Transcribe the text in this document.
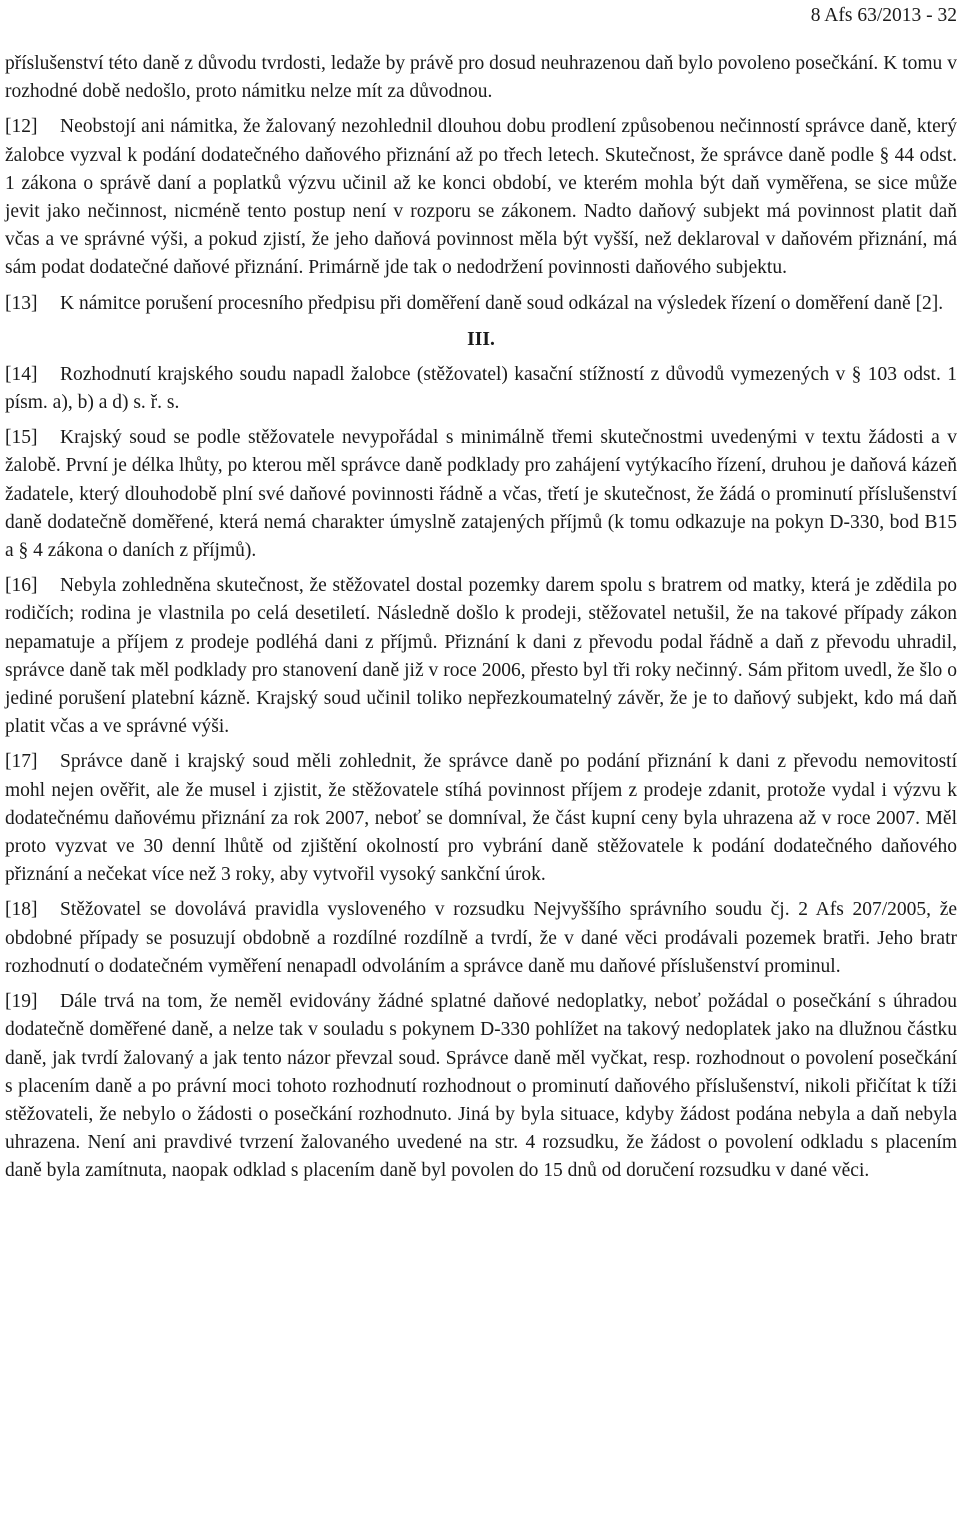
8 Afs 63/2013 - 32

příslušenství této daně z důvodu tvrdosti, ledaže by právě pro dosud neuhrazenou daň bylo povoleno posečkání. K tomu v rozhodné době nedošlo, proto námitku nelze mít za důvodnou.

[12] Neobstojí ani námitka, že žalovaný nezohlednil dlouhou dobu prodlení způsobenou nečinností správce daně, který žalobce vyzval k podání dodatečného daňového přiznání až po třech letech. Skutečnost, že správce daně podle § 44 odst. 1 zákona o správě daní a poplatků výzvu učinil až ke konci období, ve kterém mohla být daň vyměřena, se sice může jevit jako nečinnost, nicméně tento postup není v rozporu se zákonem. Nadto daňový subjekt má povinnost platit daň včas a ve správné výši, a pokud zjistí, že jeho daňová povinnost měla být vyšší, než deklaroval v daňovém přiznání, má sám podat dodatečné daňové přiznání. Primárně jde tak o nedodržení povinnosti daňového subjektu.

[13] K námitce porušení procesního předpisu při doměření daně soud odkázal na výsledek řízení o doměření daně [2].

III.

[14] Rozhodnutí krajského soudu napadl žalobce (stěžovatel) kasační stížností z důvodů vymezených v § 103 odst. 1 písm. a), b) a d) s. ř. s.

[15] Krajský soud se podle stěžovatele nevypořádal s minimálně třemi skutečnostmi uvedenými v textu žádosti a v žalobě. První je délka lhůty, po kterou měl správce daně podklady pro zahájení vytýkacího řízení, druhou je daňová kázeň žadatele, který dlouhodobě plní své daňové povinnosti řádně a včas, třetí je skutečnost, že žádá o prominutí příslušenství daně dodatečně doměřené, která nemá charakter úmyslně zatajených příjmů (k tomu odkazuje na pokyn D-330, bod B15 a § 4 zákona o daních z příjmů).

[16] Nebyla zohledněna skutečnost, že stěžovatel dostal pozemky darem spolu s bratrem od matky, která je zdědila po rodičích; rodina je vlastnila po celá desetiletí. Následně došlo k prodeji, stěžovatel netušil, že na takové případy zákon nepamatuje a příjem z prodeje podléhá dani z příjmů. Přiznání k dani z převodu podal řádně a daň z převodu uhradil, správce daně tak měl podklady pro stanovení daně již v roce 2006, přesto byl tři roky nečinný. Sám přitom uvedl, že šlo o jediné porušení platební kázně. Krajský soud učinil toliko nepřezkoumatelný závěr, že je to daňový subjekt, kdo má daň platit včas a ve správné výši.

[17] Správce daně i krajský soud měli zohlednit, že správce daně po podání přiznání k dani z převodu nemovitostí mohl nejen ověřit, ale že musel i zjistit, že stěžovatele stíhá povinnost příjem z prodeje zdanit, protože vydal i výzvu k dodatečnému daňovému přiznání za rok 2007, neboť se domníval, že část kupní ceny byla uhrazena až v roce 2007. Měl proto vyzvat ve 30 denní lhůtě od zjištění okolností pro vybrání daně stěžovatele k podání dodatečného daňového přiznání a nečekat více než 3 roky, aby vytvořil vysoký sankční úrok.

[18] Stěžovatel se dovolává pravidla vysloveného v rozsudku Nejvyššího správního soudu čj. 2 Afs 207/2005, že obdobné případy se posuzují obdobně a rozdílné rozdílně a tvrdí, že v dané věci prodávali pozemek bratři. Jeho bratr rozhodnutí o dodatečném vyměření nenapadl odvoláním a správce daně mu daňové příslušenství prominul.

[19] Dále trvá na tom, že neměl evidovány žádné splatné daňové nedoplatky, neboť požádal o posečkání s úhradou dodatečně doměřené daně, a nelze tak v souladu s pokynem D-330 pohlížet na takový nedoplatek jako na dlužnou částku daně, jak tvrdí žalovaný a jak tento názor převzal soud. Správce daně měl vyčkat, resp. rozhodnout o povolení posečkání s placením daně a po právní moci tohoto rozhodnutí rozhodnout o prominutí daňového příslušenství, nikoli přičítat k tíži stěžovateli, že nebylo o žádosti o posečkání rozhodnuto. Jiná by byla situace, kdyby žádost podána nebyla a daň nebyla uhrazena. Není ani pravdivé tvrzení žalovaného uvedené na str. 4 rozsudku, že žádost o povolení odkladu s placením daně byla zamítnuta, naopak odklad s placením daně byl povolen do 15 dnů od doručení rozsudku v dané věci.
